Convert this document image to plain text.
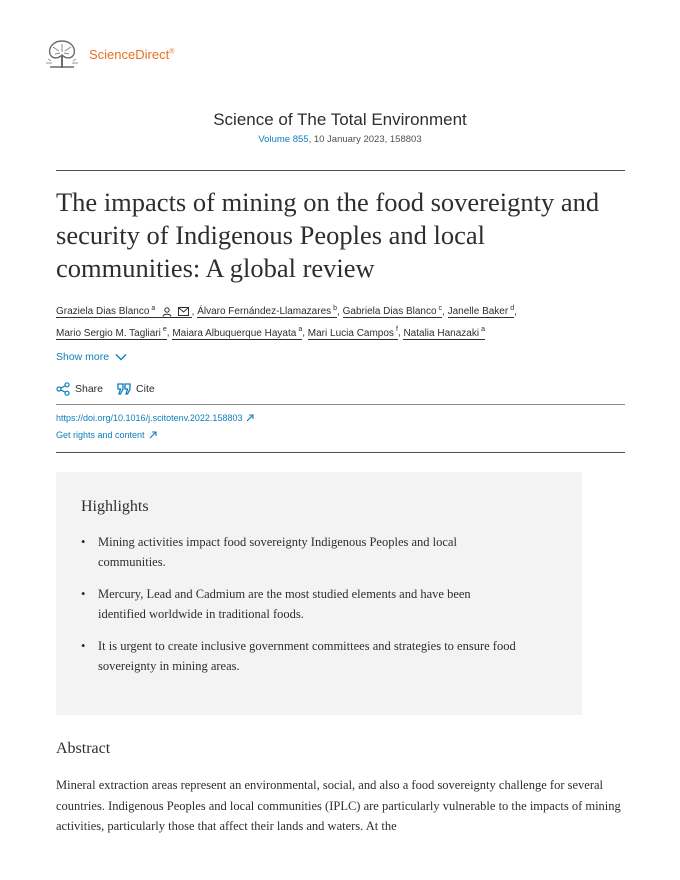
ScienceDirect®
Science of The Total Environment
Volume 855, 10 January 2023, 158803
The impacts of mining on the food sovereignty and security of Indigenous Peoples and local communities: A global review
Graziela Dias Blanco $^a$	, Álvaro Fernández-Llamazares $^b$, Gabriela Dias Blanco $^c$, Janelle Baker $^d$,
Mario Sergio M. Tagliari $^e$, Maiara Albuquerque Hayata $^a$, Mari Lucia Campos $^f$, Natalia Hanazaki $^a$
Show more
Share	Cite
https://doi.org/10.1016/j.scitotenv.2022.158803
Get rights and content
Highlights
• Mining activities impact food sovereignty Indigenous Peoples and local communities.
• Mercury, Lead and Cadmium are the most studied elements and have been identified worldwide in traditional foods.
• It is urgent to create inclusive government committees and strategies to ensure food sovereignty in mining areas.
Abstract

Mineral extraction areas represent an environmental, social, and also a food sovereignty challenge for several countries. Indigenous Peoples and local communities (IPLC) are particularly vulnerable to the impacts of mining activities, particularly those that affect their lands and waters. At the
